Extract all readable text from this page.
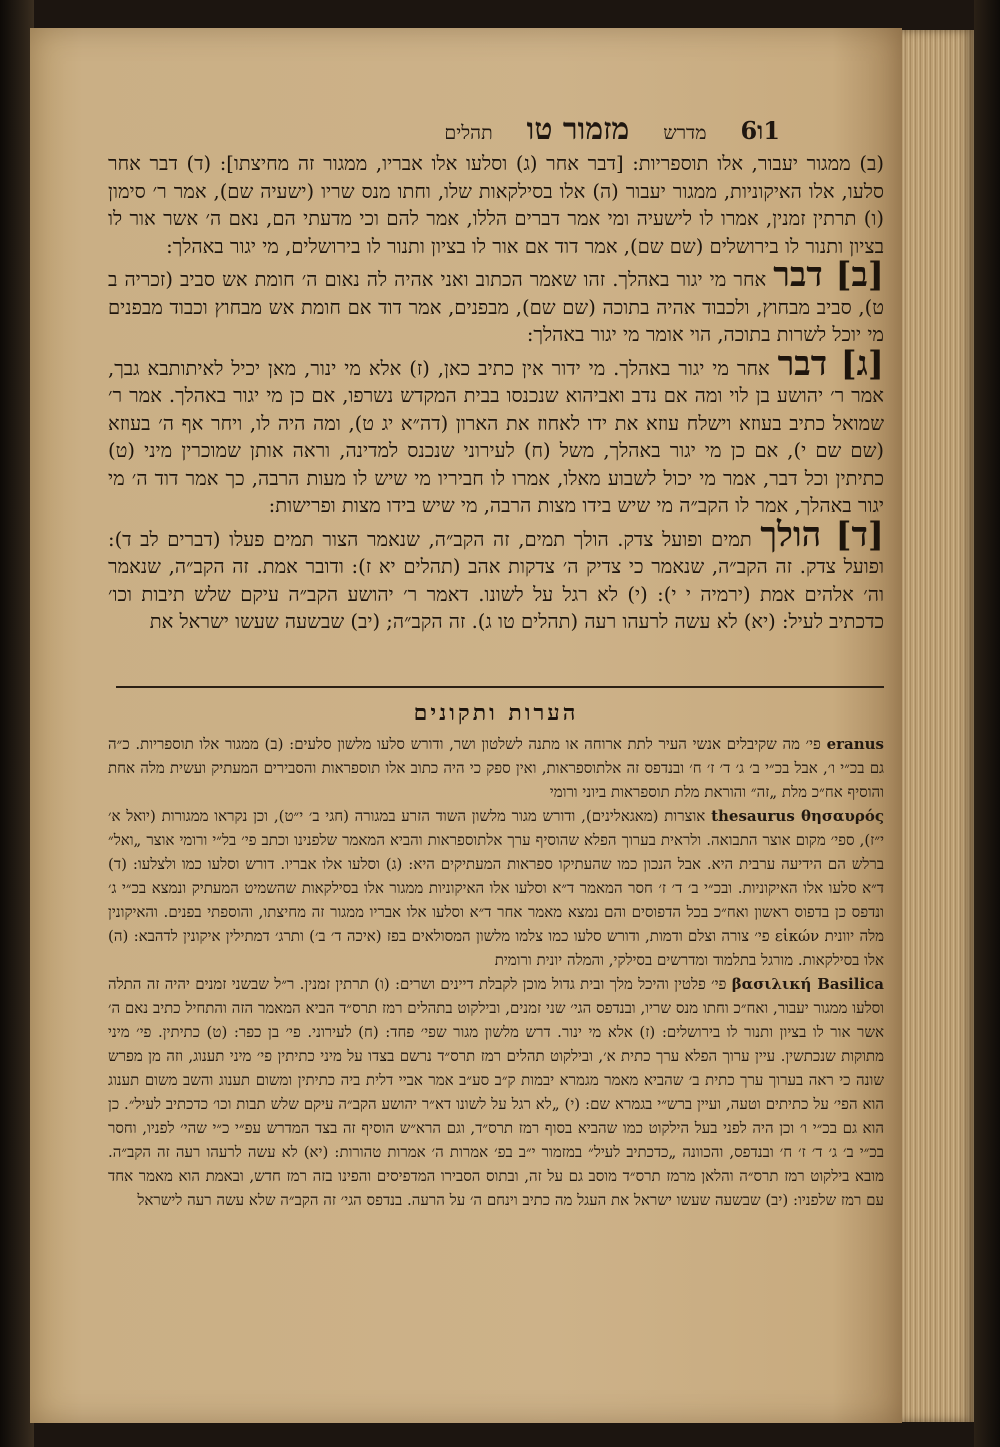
1ו6
מדרש
מזמור טו
תהלים

(ב) ממגור יעבור, אלו תוספריות: [דבר אחר (ג) וסלעו אלו אבריו, ממגור זה מחיצתו]: (ד) דבר אחר סלעו, אלו האיקוניות, ממגור יעבור (ה) אלו בסילקאות שלו, וחתו מנס שריו (ישעיה שם), אמר ר׳ סימון (ו) תרתין זמנין, אמרו לו לישעיה ומי אמר דברים הללו, אמר להם וכי מדעתי הם, נאם ה׳ אשר אור לו בציון ותנור לו בירושלים (שם שם), אמר דוד אם אור לו בציון ותנור לו בירושלים, מי יגור באהלך:

[ב] דבר אחר מי יגור באהלך. זהו שאמר הכתוב ואני אהיה לה נאום ה׳ חומת אש סביב (זכריה ב ט), סביב מבחוץ, ולכבוד אהיה בתוכה (שם שם), מבפנים, אמר דוד אם חומת אש מבחוץ וכבוד מבפנים מי יוכל לשרות בתוכה, הוי אומר מי יגור באהלך:

[ג] דבר אחר מי יגור באהלך. מי ידור אין כתיב כאן, (ז) אלא מי ינור, מאן יכיל לאיתותבא גבך, אמר ר׳ יהושע בן לוי ומה אם נדב ואביהוא שנכנסו בבית המקדש נשרפו, אם כן מי יגור באהלך. אמר ר׳ שמואל כתיב בעוזא וישלח עוזא את ידו לאחוז את הארון (דה״א יג ט), ומה היה לו, ויחר אף ה׳ בעוזא (שם שם י), אם כן מי יגור באהלך, משל (ח) לעירוני שנכנס למדינה, וראה אותן שמוכרין מיני (ט) כתיתין וכל דבר, אמר מי יכול לשבוע מאלו, אמרו לו חביריו מי שיש לו מעות הרבה, כך אמר דוד ה׳ מי יגור באהלך, אמר לו הקב״ה מי שיש בידו מצות הרבה, מי שיש בידו מצות ופרישות:

[ד] הולך תמים ופועל צדק. הולך תמים, זה הקב״ה, שנאמר הצור תמים פעלו (דברים לב ד): ופועל צדק. זה הקב״ה, שנאמר כי צדיק ה׳ צדקות אהב (תהלים יא ז): ודובר אמת. זה הקב״ה, שנאמר וה׳ אלהים אמת (ירמיה י י): (י) לא רגל על לשונו. דאמר ר׳ יהושע הקב״ה עיקם שלש תיבות וכו׳ כדכתיב לעיל: (יא) לא עשה לרעהו רעה (תהלים טו ג). זה הקב״ה; (יב) שבשעה שעשו ישראל את

הערות ותקונים

eranus פי׳ מה שקיבלים אנשי העיר לתת ארוחה או מתנה לשלטון ושר, ודורש סלעו מלשון סלעים: (ב) ממגור אלו תוספריות. כ״ה גם בכ״י ו׳, אבל בכ״י ב׳ ג׳ ד׳ ז׳ ח׳ ובנדפס זה אלתוספראות, ואין ספק כי היה כתוב אלו תוספראות והסבירים המעתיק ועשית מלה אחת והוסיף אח״כ מלת „זה״ והוראת מלת תוספראות ביוני ורומי

thesaurus θησαυρός אוצרות (מאגאלינים), ודורש מגור מלשון השוד הזרע במגורה (חגי ב׳ י״ט), וכן נקראו ממגורות (יואל א׳ י״ז), ספי׳ מקום אוצר התבואה. ולראית בערוך הפלא שהוסיף ערך אלתוספראות והביא המאמר שלפנינו וכתב פי׳ בל״י ורומי אוצר „ואל״ ברלש הם הידיעה ערבית היא. אבל הנכון כמו שהעתיקו ספראות המעתיקים היא: (ג) וסלעו אלו אבריו. דורש וסלעו כמו ולצלעו: (ד) ד״א סלעו אלו האיקוניות. ובכ״י ב׳ ד׳ ז׳ חסר המאמר ד״א וסלעו אלו האיקוניות ממגור אלו בסילקאות שהשמיט המעתיק ונמצא בכ״י ג׳ ונדפס כן בדפוס ראשון ואח״כ בכל הדפוסים והם נמצא מאמר אחר ד״א וסלעו אלו אבריו ממגור זה מחיצתו, והוספתי בפנים. והאיקונין מלה יוונית εἰκών פי׳ צורה וצלם ודמות, ודורש סלעו כמו צלמו מלשון המסולאים בפז (איכה ד׳ ב׳) ותרג׳ דמתילין איקונין לדהבא: (ה) אלו בסילקאות. מורגל בתלמוד ומדרשים בסילקי, והמלה יונית ורומית

βασιλική Basilica פי׳ פלטין והיכל מלך ובית גדול מוכן לקבלת דיינים ושרים: (ו) תרתין זמנין. ר״ל שבשני זמנים יהיה זה התלה וסלעו ממגור יעבור, ואח״כ וחתו מנס שריו, ובנדפס הגי׳ שני זמנים, ובילקוט בתהלים רמז תרס״ד הביא המאמר הזה והתחיל כתיב נאם ה׳ אשר אור לו בציון ותנור לו בירושלים: (ז) אלא מי ינור. דרש מלשון מגור שפי׳ פחד: (ח) לעירוני. פי׳ בן כפר: (ט) כתיתין. פי׳ מיני מתוקות שנכתשין. עיין ערוך הפלא ערך כתית א׳, ובילקוט תהלים רמז תרס״ד נרשם בצדו על מיני כתיתין פי׳ מיני תענוג, וזה מן מפרש שונה כי ראה בערוך ערך כתית ב׳ שהביא מאמר מגמרא יבמות ק״ב סע״ב אמר אביי דלית ביה כתיתין ומשום תענוג והשב משום תענוג הוא הפי׳ על כתיתים וטעה, ועיין ברש״י בגמרא שם: (י) „לא רגל על לשונו דא״ר יהושע הקב״ה עיקם שלש תבות וכו׳ כדכתיב לעיל״. כן הוא גם בכ״י ו׳ וכן היה לפני בעל הילקוט כמו שהביא בסוף רמז תרס״ד, וגם הרא״ש הוסיף זה בצד המדרש עפ״י כ״י שהי׳ לפניו, וחסר בכ״י ב׳ ג׳ ד׳ ז׳ ח׳ ובנדפס, והכוונה „כדכתיב לעיל״ במזמור י״ב בפ׳ אמרות ה׳ אמרות טהורות: (יא) לא עשה לרעהו רעה זה הקב״ה. מובא בילקוט רמז תרס״ה והלאן מרמז תרס״ד מוסב גם על זה, ובתוס הסבירו המדפיסים והפינו בזה רמז חדש, ובאמת הוא מאמר אחד עם רמז שלפניו: (יב) שבשעה שעשו ישראל את העגל מה כתיב וינחם ה׳ על הרעה. בנדפס הגי׳ זה הקב״ה שלא עשה רעה לישראל
